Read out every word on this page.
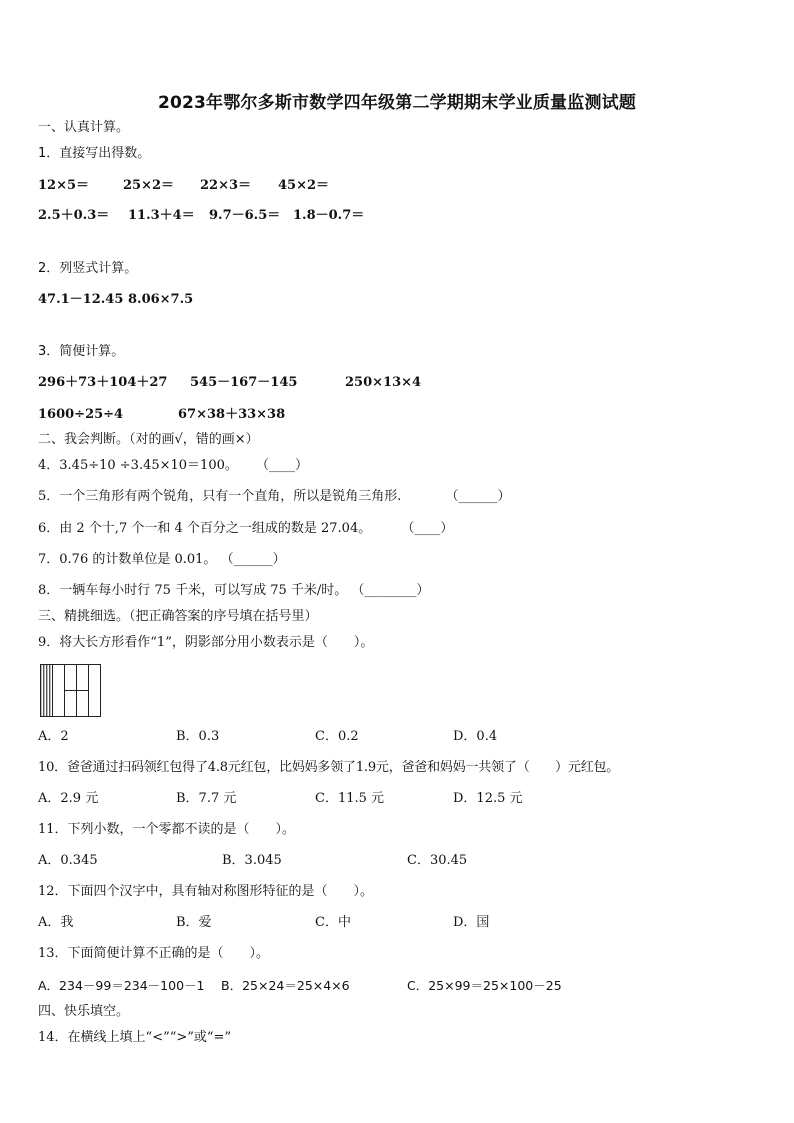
2023年鄂尔多斯市数学四年级第二学期期末学业质量监测试题
一、认真计算。
1．直接写出得数。
12×5＝	25×2＝ 22×3＝ 45×2＝
2.5＋0.3＝ 11.3＋4＝ 9.7－6.5＝ 1.8－0.7＝
2．列竖式计算。
47.1－12.45 8.06×7.5
3．简便计算。
296＋73＋104＋27 545－167－145	250×13×4
1600÷25÷4	67×38＋33×38
二、我会判断。（对的画√，错的画×）
4．3.45÷10 ÷3.45×10＝100。 （____）
5．一个三角形有两个锐角，只有一个直角，所以是锐角三角形.	（______）
6．由 2 个十,7 个一和 4 个百分之一组成的数是 27.04。 （____）
7．0.76 的计数单位是 0.01。 （______）
8．一辆车每小时行 75 千米，可以写成 75 千米/时。 （________）
三、精挑细选。（把正确答案的序号填在括号里）
9．将大长方形看作“1”，阴影部分用小数表示是（　　）。
A．2	B．0.3	C．0.2	D．0.4
10．爸爸通过扫码领红包得了4.8元红包，比妈妈多领了1.9元，爸爸和妈妈一共领了（　　）元红包。
A．2.9 元	B．7.7 元	C．11.5 元	D．12.5 元
11．下列小数，一个零都不读的是（　　）。
A．0.345	B．3.045	C．30.45
12．下面四个汉字中，具有轴对称图形特征的是（　　）。
A．我	B．爱	C．中	D．国
13．下面简便计算不正确的是（　　）。
A．234－99＝234－100－1 B．25×24＝25×4×6	C．25×99＝25×100－25
四、快乐填空。
14．在横线上填上“<”“>”或“=”
